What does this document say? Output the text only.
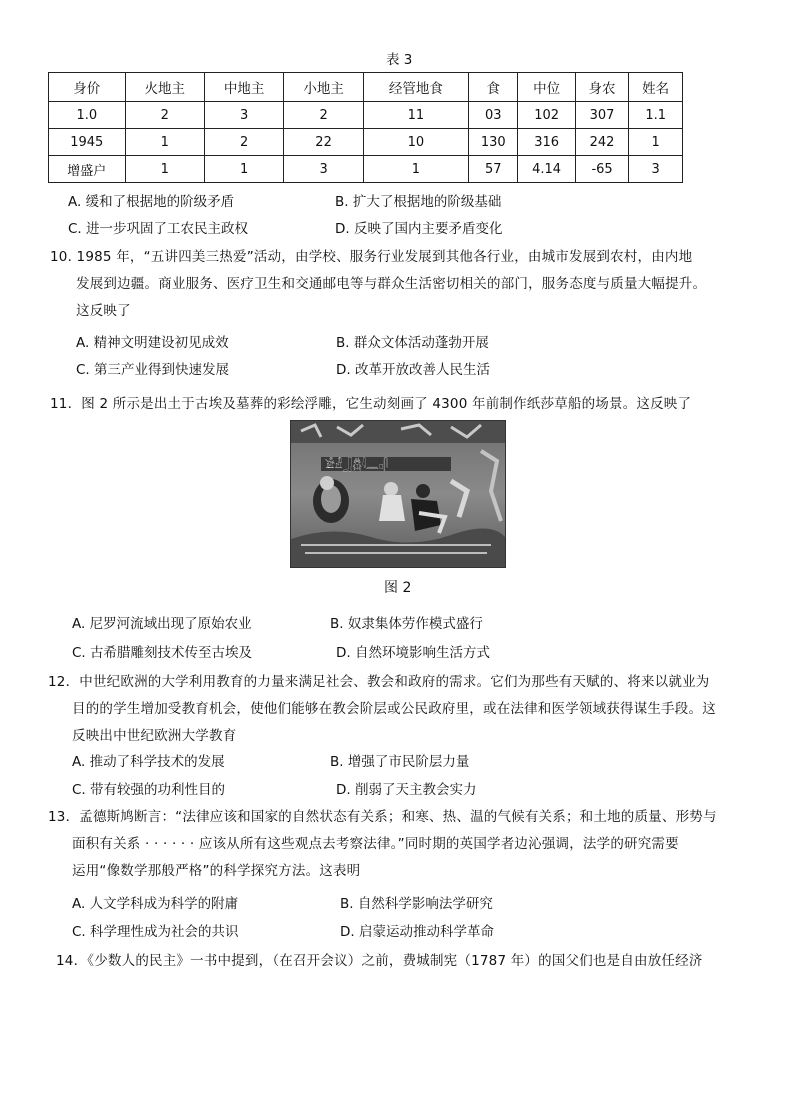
表 3
身价	火地主	中地主	小地主	经管地食	食	中位	身农	姓名
1.0	2	3	2	11	03	102	307	1.1
1945	1	2	22	10	130	316	242	1
增盛户	1	1	3	1	57	4.14	-65	3
A. 缓和了根据地的阶级矛盾	B. 扩大了根据地的阶级基础
C. 进一步巩固了工农民主政权	D. 反映了国内主要矛盾变化
10. 1985 年，“五讲四美三热爱”活动，由学校、服务行业发展到其他各行业，由城市发展到农村，由内地
发展到边疆。商业服务、医疗卫生和交通邮电等与群众生活密切相关的部门，服务态度与质量大幅提升。
这反映了
A. 精神文明建设初见成效	B. 群众文体活动蓬勃开展
C. 第三产业得到快速发展	D. 改革开放改善人民生活
11．图 2 所示是出土于古埃及墓葬的彩绘浮雕，它生动刻画了 4300 年前制作纸莎草船的场景。这反映了
𓀀𓁐𓃀𓆣𓇋𓈖𓊪𓋴
图 2
A. 尼罗河流域出现了原始农业	B. 奴隶集体劳作模式盛行
C. 古希腊雕刻技术传至古埃及	D. 自然环境影响生活方式
12．中世纪欧洲的大学利用教育的力量来满足社会、教会和政府的需求。它们为那些有天赋的、将来以就业为
目的的学生增加受教育机会，使他们能够在教会阶层或公民政府里，或在法律和医学领域获得谋生手段。这
反映出中世纪欧洲大学教育
A. 推动了科学技术的发展	B. 增强了市民阶层力量
C. 带有较强的功利性目的	D. 削弱了天主教会实力
13．孟德斯鸠断言：“法律应该和国家的自然状态有关系；和寒、热、温的气候有关系；和土地的质量、形势与
面积有关系 · · · · · · 应该从所有这些观点去考察法律。”同时期的英国学者边沁强调，法学的研究需要
运用“像数学那般严格”的科学探究方法。这表明
A. 人文学科成为科学的附庸	B. 自然科学影响法学研究
C. 科学理性成为社会的共识	D. 启蒙运动推动科学革命
14．《少数人的民主》一书中提到，（在召开会议）之前，费城制宪（1787 年）的国父们也是自由放任经济
